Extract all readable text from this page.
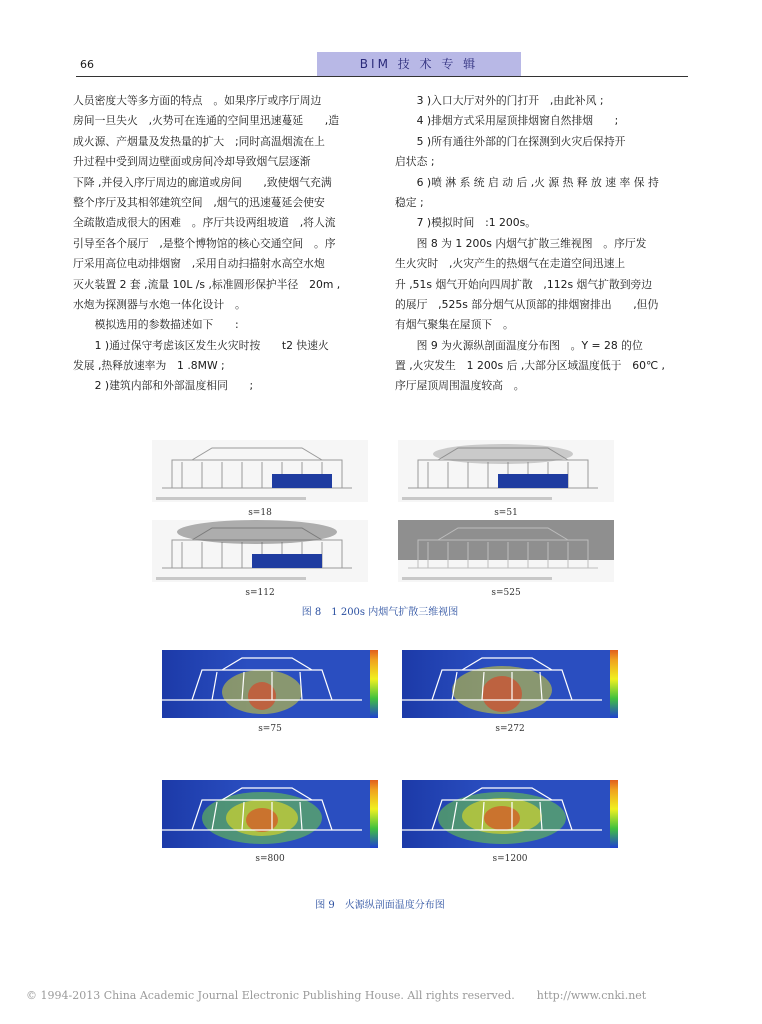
66	BIM 技 术 专 辑
人员密度大等多方面的特点　。如果序厅或序厅周边
房间一旦失火　,火势可在连通的空间里迅速蔓延　　,造
成火源、产烟量及发热量的扩大　;同时高温烟流在上
升过程中受到周边壁面或房间冷却导致烟气层逐渐
下降 ,并侵入序厅周边的廊道或房间　　,致使烟气充满
整个序厅及其相邻建筑空间　,烟气的迅速蔓延会使安
全疏散造成很大的困难　。序厅共设两组坡道　,将人流
引导至各个展厅　,是整个博物馆的核心交通空间　。序
厅采用高位电动排烟窗　,采用自动扫描射水高空水炮
灭火装置 2 套 ,流量 10L /s ,标准圆形保护半径　20m ,
水炮为探测器与水炮一体化设计　。
　　模拟选用的参数描述如下　　:
　　1 )通过保守考虑该区发生火灾时按　　t2 快速火
发展 ,热释放速率为　1 .8MW ;
　　2 )建筑内部和外部温度相同　　;
　　3 )入口大厅对外的门打开　,由此补风 ;
　　4 )排烟方式采用屋顶排烟窗自然排烟　　;
　　5 )所有通往外部的门在探测到火灾后保持开
启状态 ;
　　6 )喷 淋 系 统 启 动 后 ,火 源 热 释 放 速 率 保 持
稳定 ;
　　7 )模拟时间　:1 200s。
　　图 8 为 1 200s 内烟气扩散三维视图　。序厅发
生火灾时　,火灾产生的热烟气在走道空间迅速上
升 ,51s 烟气开始向四周扩散　,112s 烟气扩散到旁边
的展厅　,525s 部分烟气从顶部的排烟窗排出　　,但仍
有烟气聚集在屋顶下　。
　　图 9 为火源纵剖面温度分布图　。Y = 28 的位
置 ,火灾发生　1 200s 后 ,大部分区域温度低于　60℃ ,
序厅屋顶周围温度较高　。
s=18	s=51
s=112	s=525
图 8　1 200s 内烟气扩散三维视图
s=75	s=272
s=800	s=1200
图 9　火源纵剖面温度分布图
© 1994-2013 China Academic Journal Electronic Publishing House. All rights reserved.　　http://www.cnki.net
